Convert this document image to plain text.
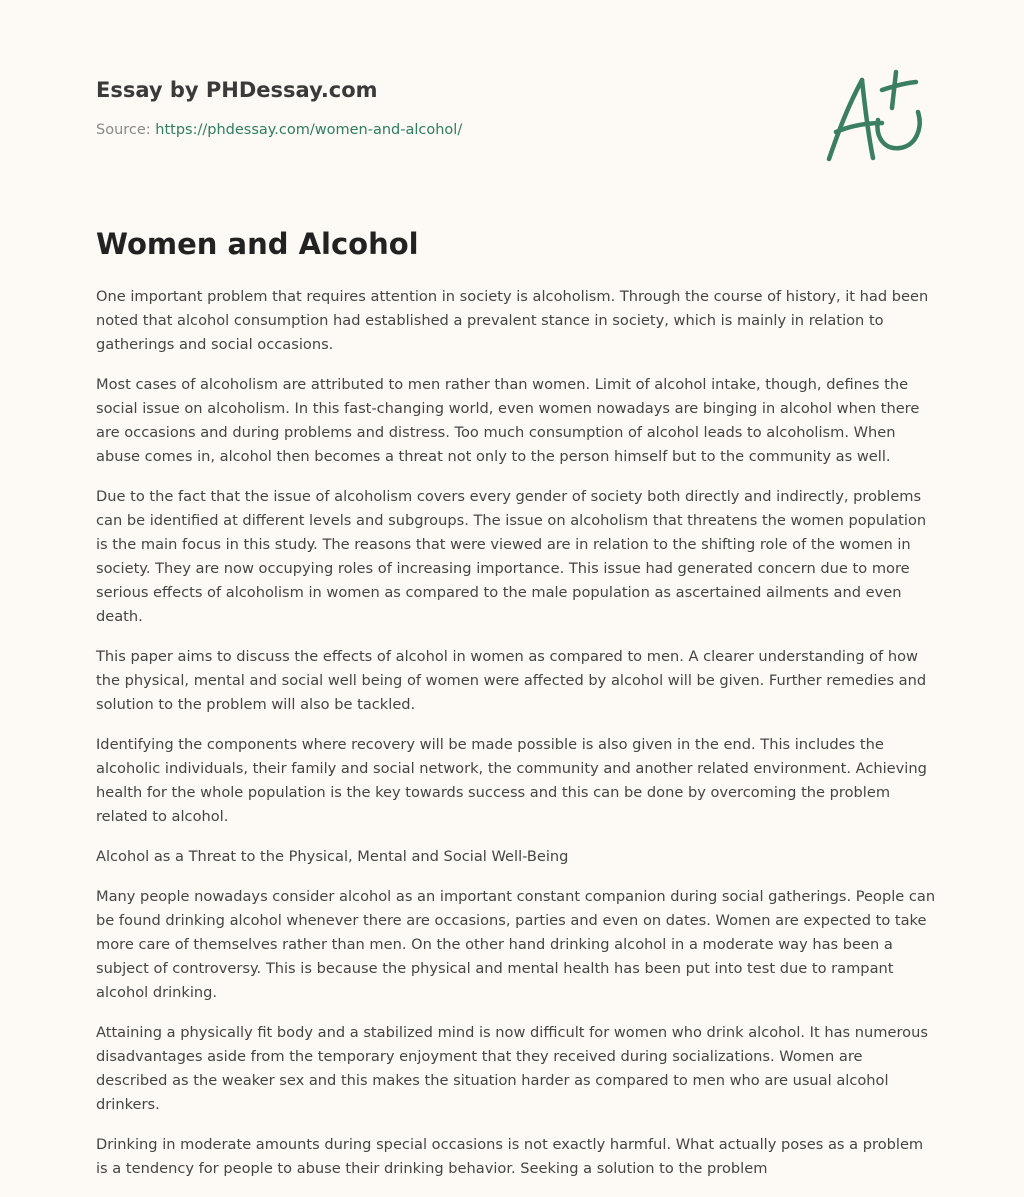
Essay by PHDessay.com
Source: https://phdessay.com/women-and-alcohol/
Women and Alcohol

One important problem that requires attention in society is alcoholism. Through the course of history, it had been noted that alcohol consumption had established a prevalent stance in society, which is mainly in relation to gatherings and social occasions.

Most cases of alcoholism are attributed to men rather than women. Limit of alcohol intake, though, defines the social issue on alcoholism. In this fast-changing world, even women nowadays are binging in alcohol when there are occasions and during problems and distress. Too much consumption of alcohol leads to alcoholism. When abuse comes in, alcohol then becomes a threat not only to the person himself but to the community as well.

Due to the fact that the issue of alcoholism covers every gender of society both directly and indirectly, problems can be identified at different levels and subgroups. The issue on alcoholism that threatens the women population is the main focus in this study. The reasons that were viewed are in relation to the shifting role of the women in society. They are now occupying roles of increasing importance. This issue had generated concern due to more serious effects of alcoholism in women as compared to the male population as ascertained ailments and even death.

This paper aims to discuss the effects of alcohol in women as compared to men. A clearer understanding of how the physical, mental and social well being of women were affected by alcohol will be given. Further remedies and solution to the problem will also be tackled.

Identifying the components where recovery will be made possible is also given in the end. This includes the alcoholic individuals, their family and social network, the community and another related environment. Achieving health for the whole population is the key towards success and this can be done by overcoming the problem related to alcohol.

Alcohol as a Threat to the Physical, Mental and Social Well-Being

Many people nowadays consider alcohol as an important constant companion during social gatherings. People can be found drinking alcohol whenever there are occasions, parties and even on dates. Women are expected to take more care of themselves rather than men. On the other hand drinking alcohol in a moderate way has been a subject of controversy. This is because the physical and mental health has been put into test due to rampant alcohol drinking.

Attaining a physically fit body and a stabilized mind is now difficult for women who drink alcohol. It has numerous disadvantages aside from the temporary enjoyment that they received during socializations. Women are described as the weaker sex and this makes the situation harder as compared to men who are usual alcohol drinkers.

Drinking in moderate amounts during special occasions is not exactly harmful. What actually poses as a problem is a tendency for people to abuse their drinking behavior. Seeking a solution to the problem
